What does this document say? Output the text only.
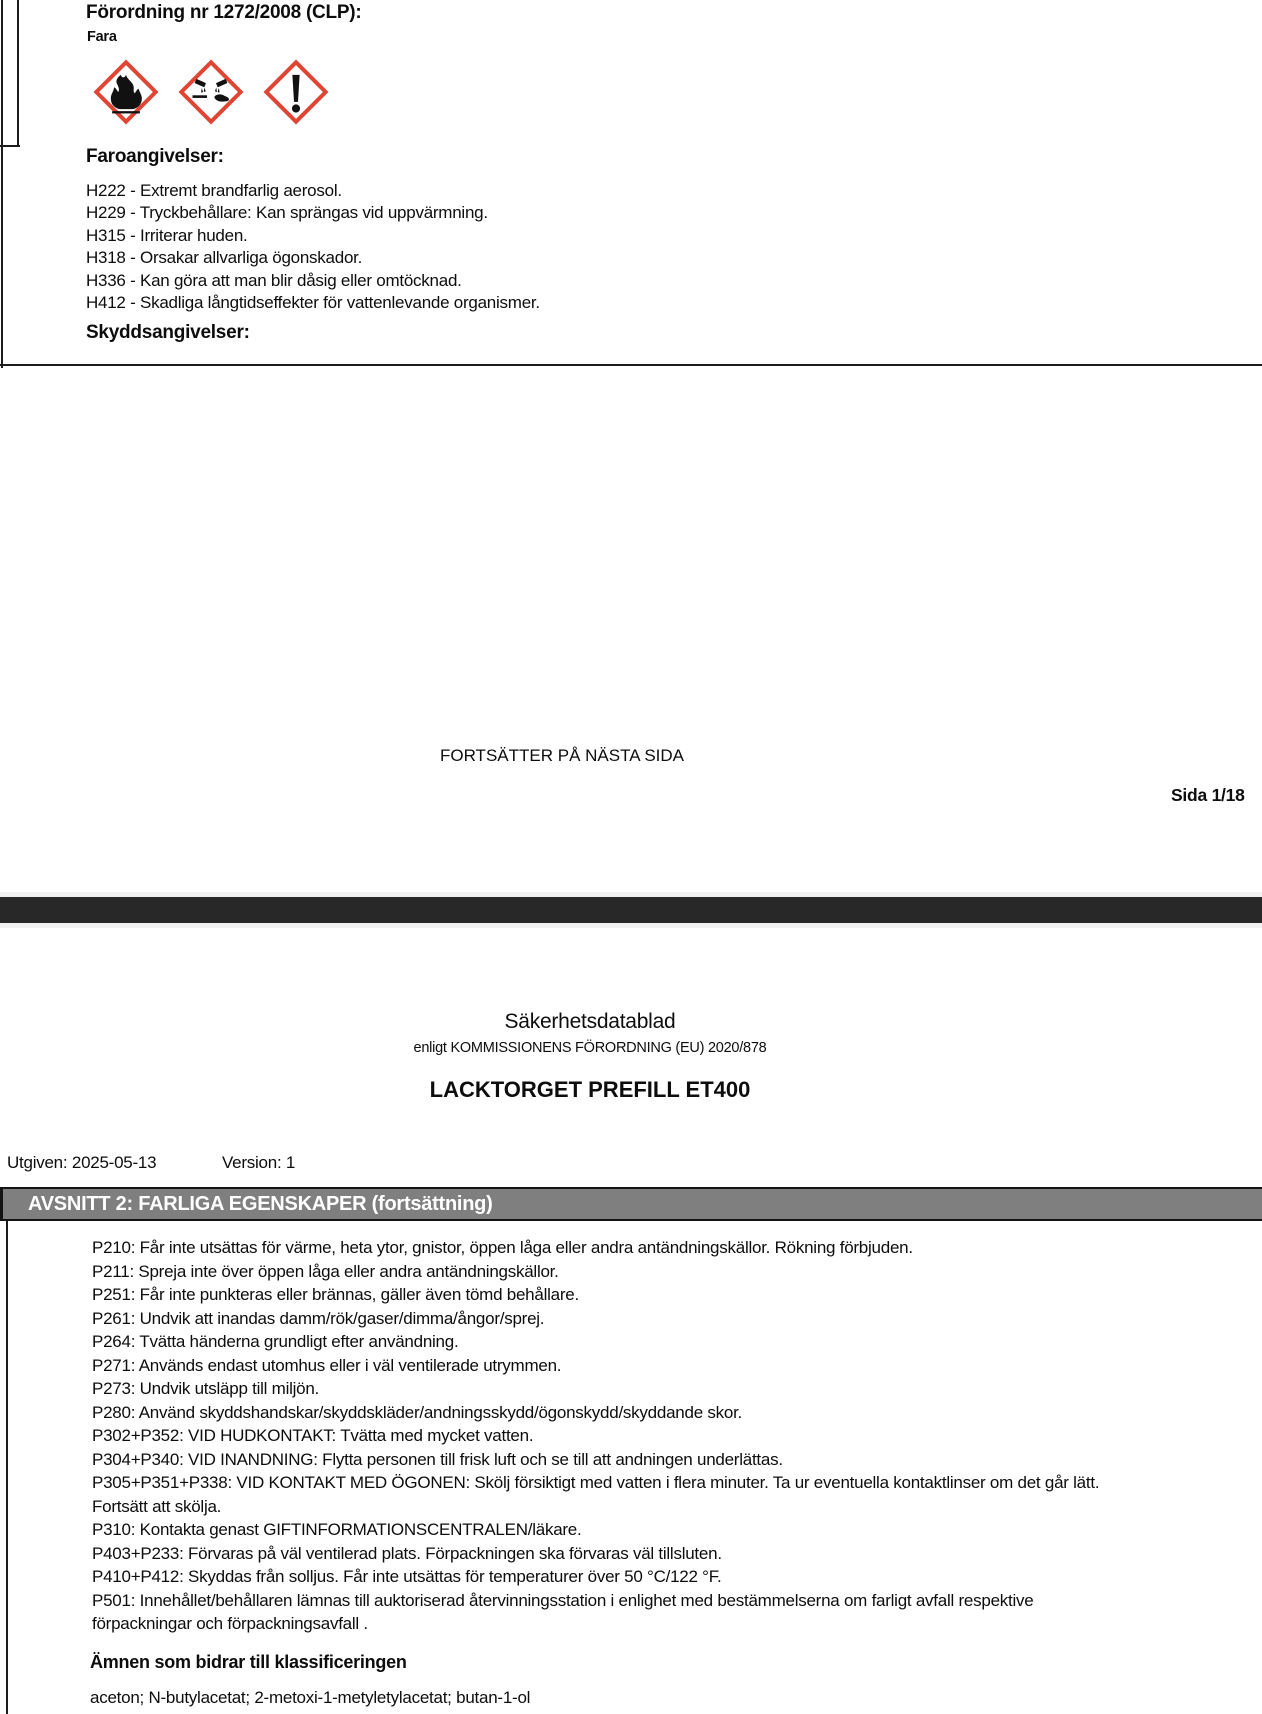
Förordning nr 1272/2008 (CLP):
Fara
Faroangivelser:
H222 - Extremt brandfarlig aerosol.
H229 - Tryckbehållare: Kan sprängas vid uppvärmning.
H315 - Irriterar huden.
H318 - Orsakar allvarliga ögonskador.
H336 - Kan göra att man blir dåsig eller omtöcknad.
H412 - Skadliga långtidseffekter för vattenlevande organismer.
Skyddsangivelser:
FORTSÄTTER PÅ NÄSTA SIDA
Sida 1/18
Säkerhetsdatablad
enligt KOMMISSIONENS FÖRORDNING (EU) 2020/878
LACKTORGET PREFILL ET400
Utgiven: 2025-05-13	Version: 1
AVSNITT 2: FARLIGA EGENSKAPER (fortsättning)
P210: Får inte utsättas för värme, heta ytor, gnistor, öppen låga eller andra antändningskällor. Rökning förbjuden.
P211: Spreja inte över öppen låga eller andra antändningskällor.
P251: Får inte punkteras eller brännas, gäller även tömd behållare.
P261: Undvik att inandas damm/rök/gaser/dimma/ångor/sprej.
P264: Tvätta händerna grundligt efter användning.
P271: Används endast utomhus eller i väl ventilerade utrymmen.
P273: Undvik utsläpp till miljön.
P280: Använd skyddshandskar/skyddskläder/andningsskydd/ögonskydd/skyddande skor.
P302+P352: VID HUDKONTAKT: Tvätta med mycket vatten.
P304+P340: VID INANDNING: Flytta personen till frisk luft och se till att andningen underlättas.
P305+P351+P338: VID KONTAKT MED ÖGONEN: Skölj försiktigt med vatten i flera minuter. Ta ur eventuella kontaktlinser om det går lätt. Fortsätt att skölja.
P310: Kontakta genast GIFTINFORMATIONSCENTRALEN/läkare.
P403+P233: Förvaras på väl ventilerad plats. Förpackningen ska förvaras väl tillsluten.
P410+P412: Skyddas från solljus. Får inte utsättas för temperaturer över 50 °C/122 °F.
P501: Innehållet/behållaren lämnas till auktoriserad återvinningsstation i enlighet med bestämmelserna om farligt avfall respektive förpackningar och förpackningsavfall .
Ämnen som bidrar till klassificeringen
aceton; N-butylacetat; 2-metoxi-1-metyletylacetat; butan-1-ol
